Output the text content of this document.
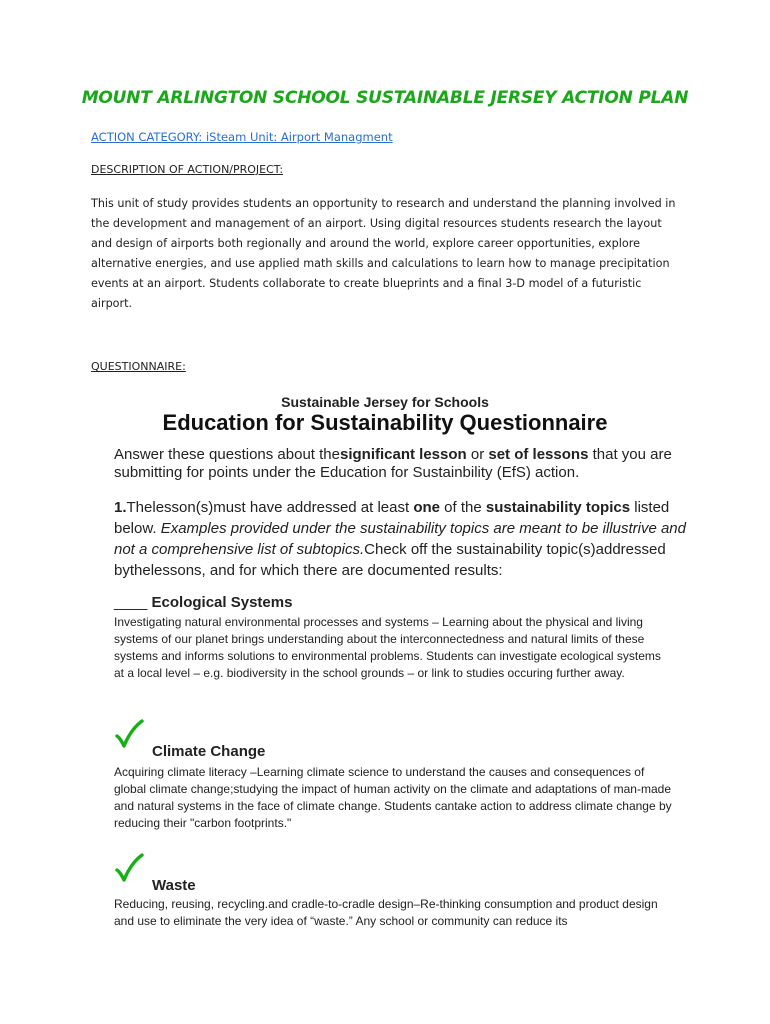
MOUNT ARLINGTON SCHOOL SUSTAINABLE JERSEY ACTION PLAN
ACTION CATEGORY: iSteam Unit: Airport Managment
DESCRIPTION OF ACTION/PROJECT:
This unit of study provides students an opportunity to research and understand the planning involved in
the development and management of an airport. Using digital resources students research the layout
and design of airports both regionally and around the world, explore career opportunities, explore
alternative energies, and use applied math skills and calculations to learn how to manage precipitation
events at an airport. Students collaborate to create blueprints and a final 3-D model of a futuristic
airport.
QUESTIONNAIRE:
Sustainable Jersey for Schools
Education for Sustainability Questionnaire

Answer these questions about thesignificant lesson or set of lessons that you are submitting for points under the Education for Sustainbility (EfS) action.

1.Thelesson(s)must have addressed at least one of the sustainability topics listed below. Examples provided under the sustainability topics are meant to be illustrive and not a comprehensive list of subtopics.Check off the sustainability topic(s)addressed bythelessons, and for which there are documented results:

____ Ecological Systems

Investigating natural environmental processes and systems – Learning about the physical and living systems of our planet brings understanding about the interconnectedness and natural limits of these systems and informs solutions to environmental problems. Students can investigate ecological systems at a local level – e.g. biodiversity in the school grounds – or link to studies occuring further away.

Climate Change

Acquiring climate literacy –Learning climate science to understand the causes and consequences of global climate change;studying the impact of human activity on the climate and adaptations of man-made and natural systems in the face of climate change. Students cantake action to address climate change by reducing their "carbon footprints."

Waste

Reducing, reusing, recycling.and cradle-to-cradle design–Re-thinking consumption and product design and use to eliminate the very idea of “waste.” Any school or community can reduce its
